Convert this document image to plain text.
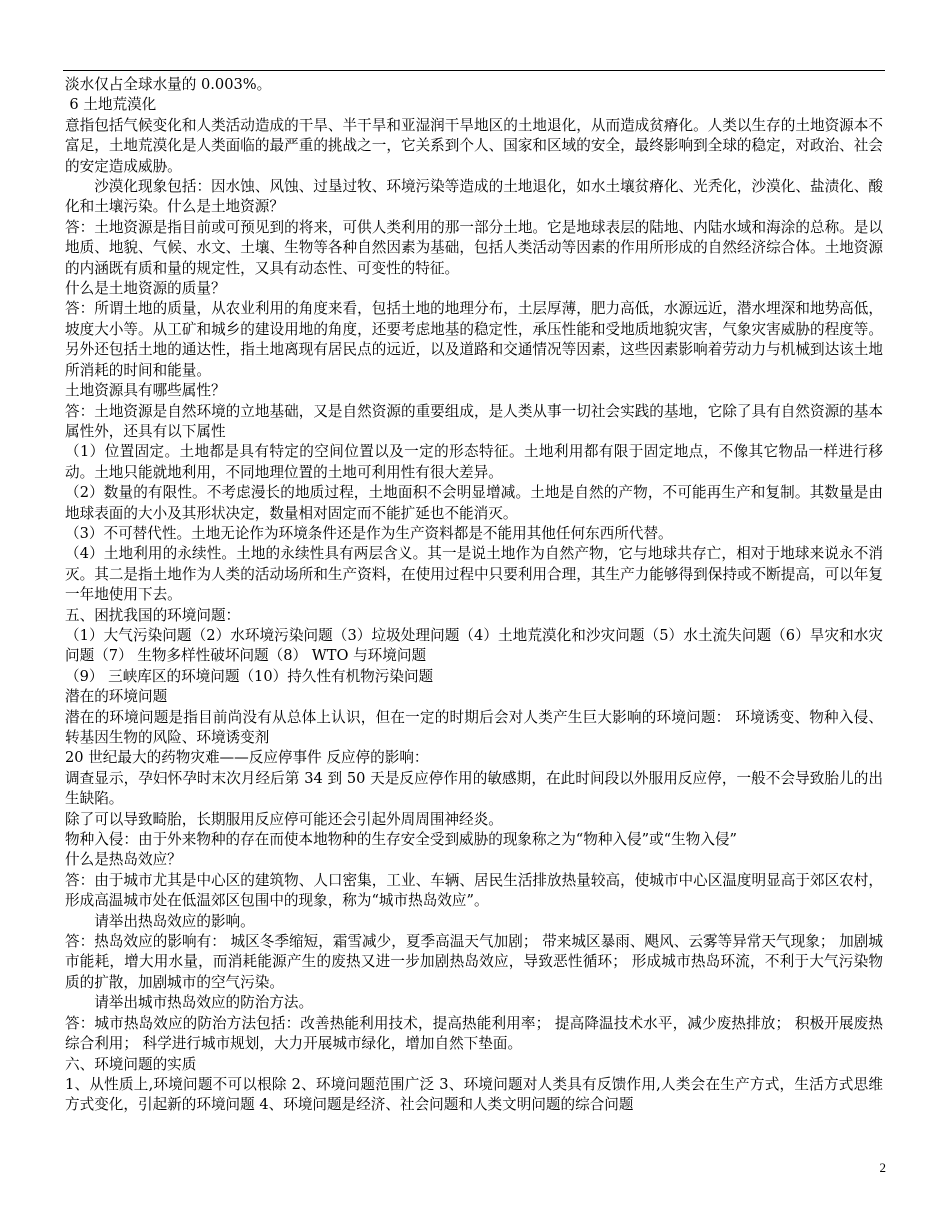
淡水仅占全球水量的 0.003%。

6 土地荒漠化

意指包括气候变化和人类活动造成的干旱、半干旱和亚湿润干旱地区的土地退化，从而造成贫瘠化。人类以生存的土地资源本不富足，土地荒漠化是人类面临的最严重的挑战之一，它关系到个人、国家和区域的安全，最终影响到全球的稳定，对政治、社会的安定造成威胁。

沙漠化现象包括：因水蚀、风蚀、过垦过牧、环境污染等造成的土地退化，如水土壤贫瘠化、光秃化，沙漠化、盐渍化、酸化和土壤污染。什么是土地资源？

答：土地资源是指目前或可预见到的将来，可供人类利用的那一部分土地。它是地球表层的陆地、内陆水域和海涂的总称。是以地质、地貌、气候、水文、土壤、生物等各种自然因素为基础，包括人类活动等因素的作用所形成的自然经济综合体。土地资源的内涵既有质和量的规定性，又具有动态性、可变性的特征。

什么是土地资源的质量？

答：所谓土地的质量，从农业利用的角度来看，包括土地的地理分布，土层厚薄，肥力高低，水源远近，潜水埋深和地势高低，坡度大小等。从工矿和城乡的建设用地的角度，还要考虑地基的稳定性，承压性能和受地质地貌灾害，气象灾害威胁的程度等。另外还包括土地的通达性，指土地离现有居民点的远近，以及道路和交通情况等因素，这些因素影响着劳动力与机械到达该土地所消耗的时间和能量。

土地资源具有哪些属性？

答：土地资源是自然环境的立地基础，又是自然资源的重要组成，是人类从事一切社会实践的基地，它除了具有自然资源的基本属性外，还具有以下属性

（1）位置固定。土地都是具有特定的空间位置以及一定的形态特征。土地利用都有限于固定地点，不像其它物品一样进行移动。土地只能就地利用，不同地理位置的土地可利用性有很大差异。

（2）数量的有限性。不考虑漫长的地质过程，土地面积不会明显增减。土地是自然的产物，不可能再生产和复制。其数量是由地球表面的大小及其形状决定，数量相对固定而不能扩延也不能消灭。

（3）不可替代性。土地无论作为环境条件还是作为生产资料都是不能用其他任何东西所代替。

（4）土地利用的永续性。土地的永续性具有两层含义。其一是说土地作为自然产物，它与地球共存亡，相对于地球来说永不消灭。其二是指土地作为人类的活动场所和生产资料，在使用过程中只要利用合理，其生产力能够得到保持或不断提高，可以年复一年地使用下去。

五、困扰我国的环境问题：

（1）大气污染问题（2）水环境污染问题（3）垃圾处理问题（4）土地荒漠化和沙灾问题（5）水土流失问题（6）旱灾和水灾问题（7） 生物多样性破坏问题（8） WTO 与环境问题

（9） 三峡库区的环境问题（10）持久性有机物污染问题

潜在的环境问题

潜在的环境问题是指目前尚没有从总体上认识，但在一定的时期后会对人类产生巨大影响的环境问题： 环境诱变、物种入侵、转基因生物的风险、环境诱变剂

20 世纪最大的药物灾难——反应停事件 反应停的影响：

调查显示，孕妇怀孕时末次月经后第 34 到 50 天是反应停作用的敏感期，在此时间段以外服用反应停，一般不会导致胎儿的出生缺陷。

除了可以导致畸胎，长期服用反应停可能还会引起外周周围神经炎。

物种入侵：由于外来物种的存在而使本地物种的生存安全受到威胁的现象称之为“物种入侵”或“生物入侵”

什么是热岛效应？

答：由于城市尤其是中心区的建筑物、人口密集，工业、车辆、居民生活排放热量较高，使城市中心区温度明显高于郊区农村，形成高温城市处在低温郊区包围中的现象，称为“城市热岛效应”。

请举出热岛效应的影响。

答：热岛效应的影响有： 城区冬季缩短，霜雪减少，夏季高温天气加剧； 带来城区暴雨、飓风、云雾等异常天气现象； 加剧城市能耗，增大用水量，而消耗能源产生的废热又进一步加剧热岛效应，导致恶性循环； 形成城市热岛环流，不利于大气污染物质的扩散，加剧城市的空气污染。

请举出城市热岛效应的防治方法。

答：城市热岛效应的防治方法包括：改善热能利用技术，提高热能利用率； 提高降温技术水平，减少废热排放； 积极开展废热综合利用； 科学进行城市规划，大力开展城市绿化，增加自然下垫面。

六、环境问题的实质

1、从性质上,环境问题不可以根除 2、环境问题范围广泛 3、环境问题对人类具有反馈作用,人类会在生产方式，生活方式思维方式变化，引起新的环境问题 4、环境问题是经济、社会问题和人类文明问题的综合问题

2
